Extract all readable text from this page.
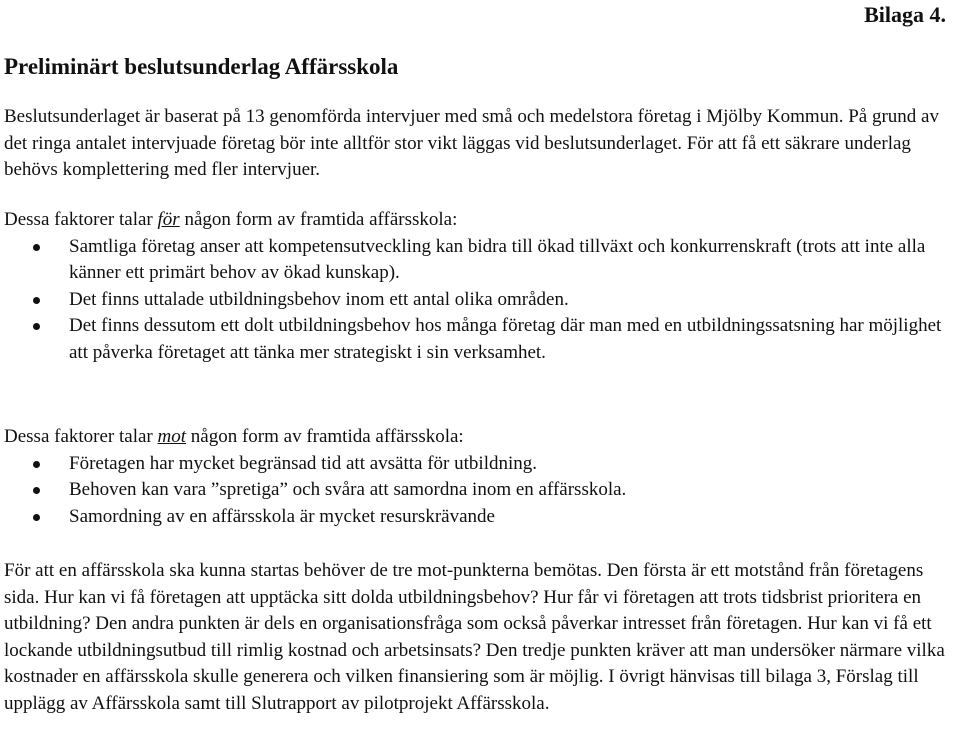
Bilaga 4.
Preliminärt beslutsunderlag Affärsskola

Beslutsunderlaget är baserat på 13 genomförda intervjuer med små och medelstora företag i Mjölby Kommun. På grund av det ringa antalet intervjuade företag bör inte alltför stor vikt läggas vid beslutsunderlaget. För att få ett säkrare underlag behövs komplettering med fler intervjuer.

Dessa faktorer talar för någon form av framtida affärsskola:

Samtliga företag anser att kompetensutveckling kan bidra till ökad tillväxt och konkurrenskraft (trots att inte alla känner ett primärt behov av ökad kunskap).
Det finns uttalade utbildningsbehov inom ett antal olika områden.
Det finns dessutom ett dolt utbildningsbehov hos många företag där man med en utbildningssatsning har möjlighet att påverka företaget att tänka mer strategiskt i sin verksamhet.

Dessa faktorer talar mot någon form av framtida affärsskola:

Företagen har mycket begränsad tid att avsätta för utbildning.
Behoven kan vara ”spretiga” och svåra att samordna inom en affärsskola.
Samordning av en affärsskola är mycket resurskrävande

För att en affärsskola ska kunna startas behöver de tre mot-punkterna bemötas. Den första är ett motstånd från företagens sida. Hur kan vi få företagen att upptäcka sitt dolda utbildningsbehov? Hur får vi företagen att trots tidsbrist prioritera en utbildning? Den andra punkten är dels en organisationsfråga som också påverkar intresset från företagen. Hur kan vi få ett lockande utbildningsutbud till rimlig kostnad och arbetsinsats? Den tredje punkten kräver att man undersöker närmare vilka kostnader en affärsskola skulle generera och vilken finansiering som är möjlig. I övrigt hänvisas till bilaga 3, Förslag till upplägg av Affärsskola samt till Slutrapport av pilotprojekt Affärsskola.
